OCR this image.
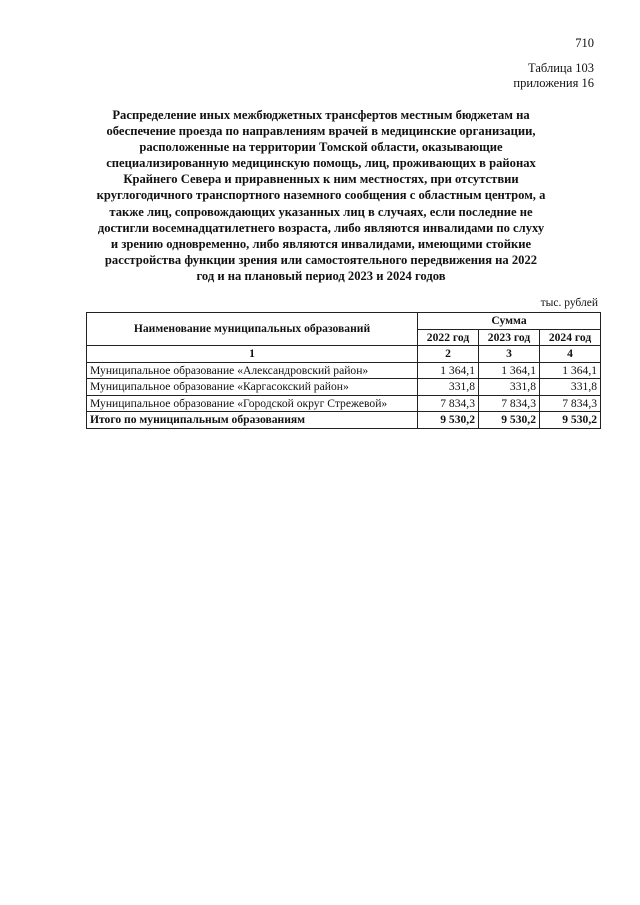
710
Таблица 103
приложения 16
Распределение иных межбюджетных трансфертов местным бюджетам на обеспечение проезда по направлениям врачей в медицинские организации, расположенные на территории Томской области, оказывающие специализированную медицинскую помощь, лиц, проживающих в районах Крайнего Севера и приравненных к ним местностях, при отсутствии круглогодичного транспортного наземного сообщения с областным центром, а также лиц, сопровождающих указанных лиц в случаях, если последние не достигли восемнадцатилетнего возраста, либо являются инвалидами по слуху и зрению одновременно, либо являются инвалидами, имеющими стойкие расстройства функции зрения или самостоятельного передвижения на 2022 год и на плановый период 2023 и 2024 годов
тыс. рублей
Наименование муниципальных образований	Сумма		
	2022 год	2023 год	2024 год
1	2	3	4
Муниципальное образование «Александровский район»	1 364,1	1 364,1	1 364,1
Муниципальное образование «Каргасокский район»	331,8	331,8	331,8
Муниципальное образование «Городской округ Стрежевой»	7 834,3	7 834,3	7 834,3
Итого по муниципальным образованиям	9 530,2	9 530,2	9 530,2
